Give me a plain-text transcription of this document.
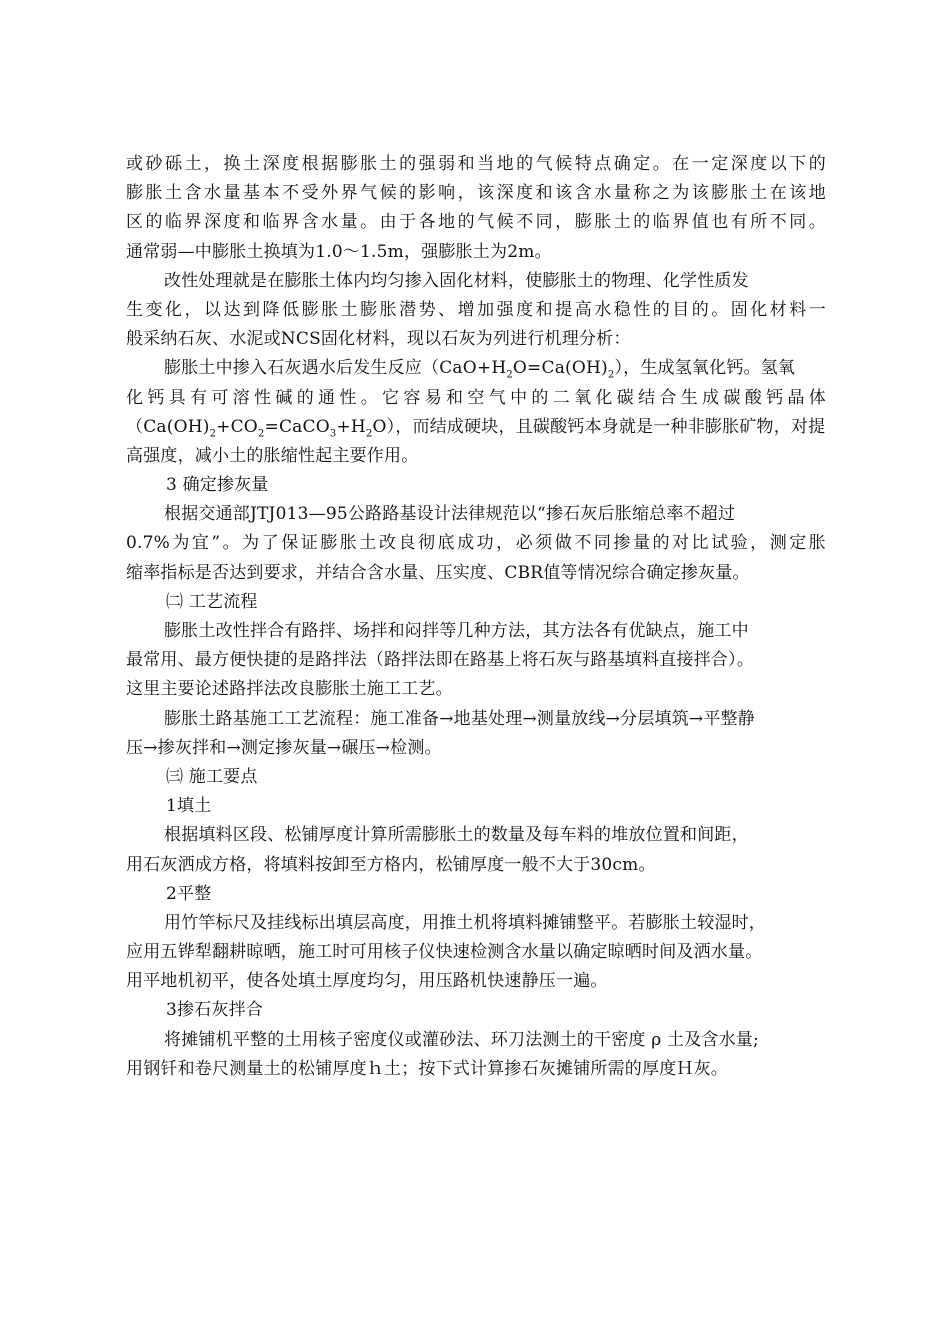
或砂砾土，换土深度根据膨胀土的强弱和当地的气候特点确定。在一定深度以下的
膨胀土含水量基本不受外界气候的影响，该深度和该含水量称之为该膨胀土在该地
区的临界深度和临界含水量。由于各地的气候不同，膨胀土的临界值也有所不同。
通常弱—中膨胀土换填为1.0～1.5m，强膨胀土为2m。
改性处理就是在膨胀土体内均匀掺入固化材料，使膨胀土的物理、化学性质发
生变化，以达到降低膨胀土膨胀潜势、增加强度和提高水稳性的目的。固化材料一
般采纳石灰、水泥或NCS固化材料，现以石灰为列进行机理分析：
膨胀土中掺入石灰遇水后发生反应$(CaO+H_2O=Ca(OH)_2)$，生成氢氧化钙。氢氧
化钙具有可溶性碱的通性。它容易和空气中的二氧化碳结合生成碳酸钙晶体
$(Ca(OH)_2+CO_2=CaCO_3+H_2O)$，而结成硬块，且碳酸钙本身就是一种非膨胀矿物，对提
高强度，减小土的胀缩性起主要作用。
3 确定掺灰量
根据交通部JTJ013—95公路路基设计法律规范以“掺石灰后胀缩总率不超过
0.7%为宜”。为了保证膨胀土改良彻底成功，必须做不同掺量的对比试验，测定胀
缩率指标是否达到要求，并结合含水量、压实度、CBR值等情况综合确定掺灰量。
㈡ 工艺流程
膨胀土改性拌合有路拌、场拌和闷拌等几种方法，其方法各有优缺点，施工中
最常用、最方便快捷的是路拌法（路拌法即在路基上将石灰与路基填料直接拌合）。
这里主要论述路拌法改良膨胀土施工工艺。
膨胀土路基施工工艺流程：施工准备→地基处理→测量放线→分层填筑→平整静
压→掺灰拌和→测定掺灰量→碾压→检测。
㈢ 施工要点
1填土
根据填料区段、松铺厚度计算所需膨胀土的数量及每车料的堆放位置和间距，
用石灰洒成方格，将填料按卸至方格内，松铺厚度一般不大于30cm。
2平整
用竹竿标尺及挂线标出填层高度，用推土机将填料摊铺整平。若膨胀土较湿时，
应用五铧犁翻耕晾晒，施工时可用核子仪快速检测含水量以确定晾晒时间及洒水量。
用平地机初平，使各处填土厚度均匀，用压路机快速静压一遍。
3掺石灰拌合
将摊铺机平整的土用核子密度仪或灌砂法、环刀法测土的干密度 ρ 土及含水量;
用钢钎和卷尺测量土的松铺厚度ｈ土；按下式计算掺石灰摊铺所需的厚度Ｈ灰。
